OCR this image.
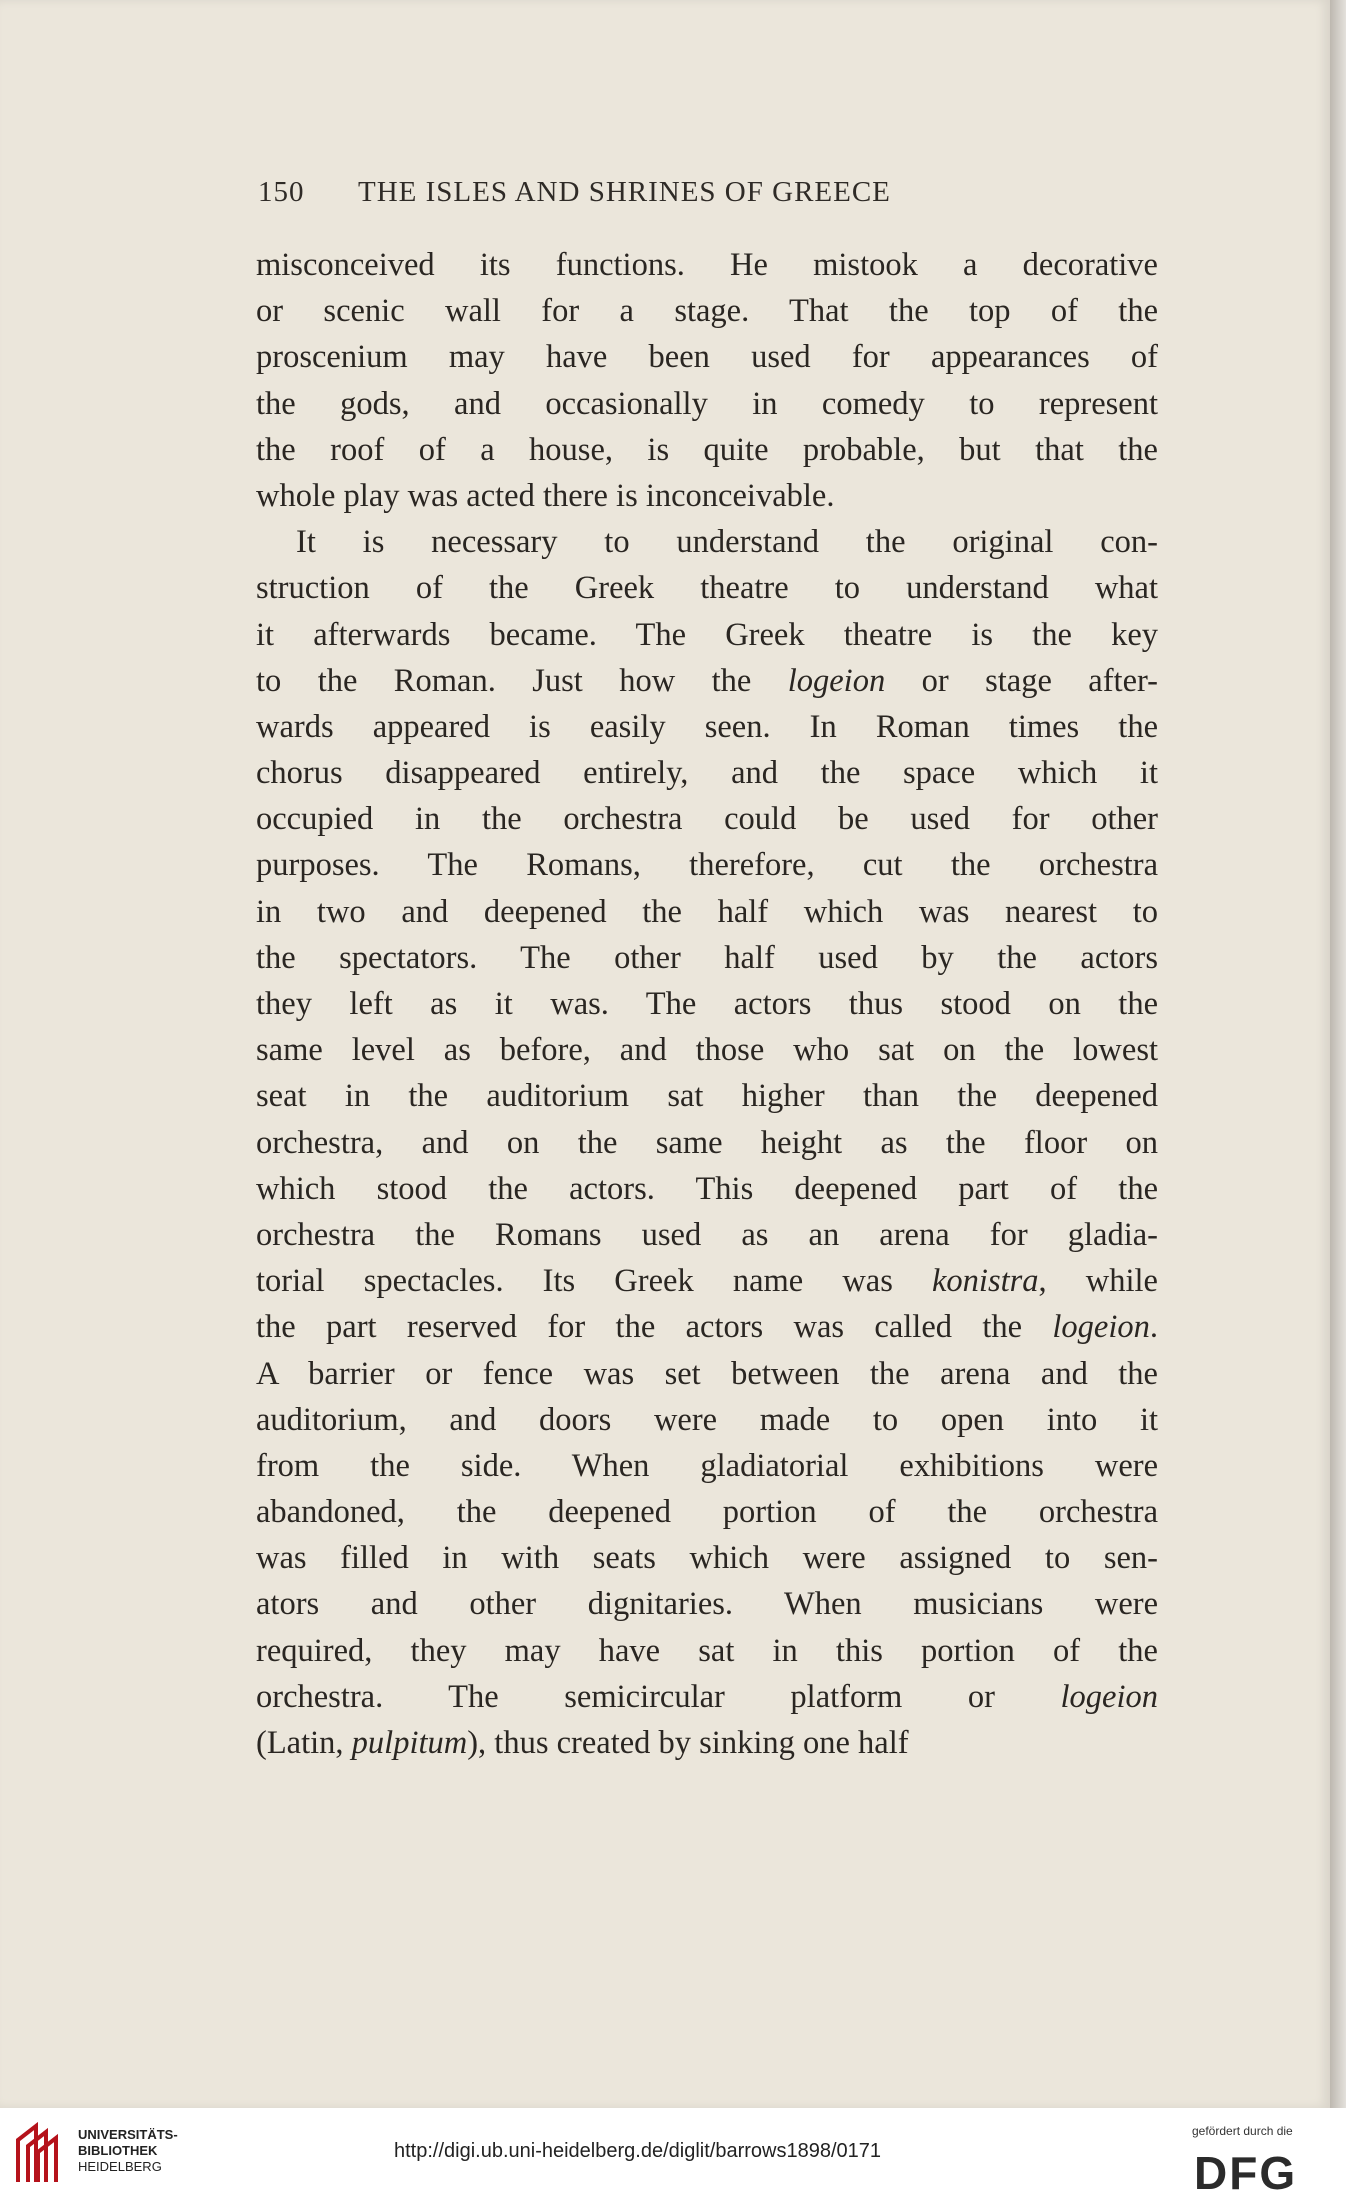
150 THE ISLES AND SHRINES OF GREECE
misconceived its functions. He mistook a decorative
or scenic wall for a stage. That the top of the
proscenium may have been used for appearances of
the gods, and occasionally in comedy to represent
the roof of a house, is quite probable, but that the
whole play was acted there is inconceivable.
It is necessary to understand the original con-
struction of the Greek theatre to understand what
it afterwards became. The Greek theatre is the key
to the Roman. Just how the logeion or stage after-
wards appeared is easily seen. In Roman times the
chorus disappeared entirely, and the space which it
occupied in the orchestra could be used for other
purposes. The Romans, therefore, cut the orchestra
in two and deepened the half which was nearest to
the spectators. The other half used by the actors
they left as it was. The actors thus stood on the
same level as before, and those who sat on the lowest
seat in the auditorium sat higher than the deepened
orchestra, and on the same height as the floor on
which stood the actors. This deepened part of the
orchestra the Romans used as an arena for gladia-
torial spectacles. Its Greek name was konistra, while
the part reserved for the actors was called the logeion.
A barrier or fence was set between the arena and the
auditorium, and doors were made to open into it
from the side. When gladiatorial exhibitions were
abandoned, the deepened portion of the orchestra
was filled in with seats which were assigned to sen-
ators and other dignitaries. When musicians were
required, they may have sat in this portion of the
orchestra. The semicircular platform or logeion
(Latin, pulpitum), thus created by sinking one half
UNIVERSITÄTS-
BIBLIOTHEK
HEIDELBERG
http://digi.ub.uni-heidelberg.de/diglit/barrows1898/0171
gefördert durch die
DFG
